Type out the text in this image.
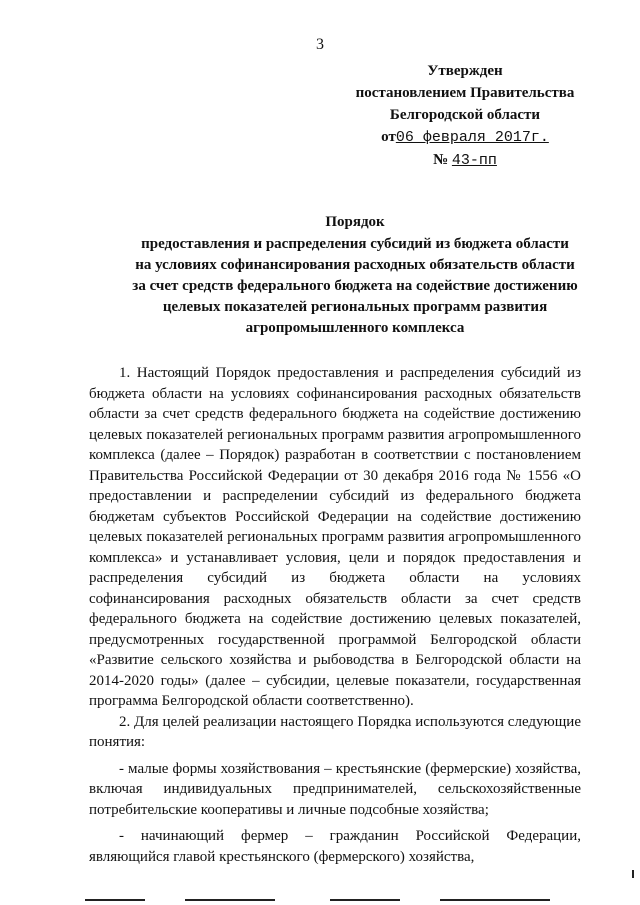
3
Утвержден
постановлением Правительства
Белгородской области
от06 февраля 2017г.
№ 43-пп
Порядок
предоставления и распределения субсидий из бюджета области
на условиях софинансирования расходных обязательств области
за счет средств федерального бюджета на содействие достижению
целевых показателей региональных программ развития
агропромышленного комплекса

1. Настоящий Порядок предоставления и распределения субсидий из бюджета области на условиях софинансирования расходных обязательств области за счет средств федерального бюджета на содействие достижению целевых показателей региональных программ развития агропромышленного комплекса (далее – Порядок) разработан в соответствии с постановлением Правительства Российской Федерации от 30 декабря 2016 года № 1556 «О предоставлении и распределении субсидий из федерального бюджета бюджетам субъектов Российской Федерации на содействие достижению целевых показателей региональных программ развития агропромышленного комплекса» и устанавливает условия, цели и порядок предоставления и распределения субсидий из бюджета области на условиях софинансирования расходных обязательств области за счет средств федерального бюджета на содействие достижению целевых показателей, предусмотренных государственной программой Белгородской области «Развитие сельского хозяйства и рыбоводства в Белгородской области на 2014-2020 годы» (далее – субсидии, целевые показатели, государственная программа Белгородской области соответственно).

2. Для целей реализации настоящего Порядка используются следующие понятия:

- малые формы хозяйствования – крестьянские (фермерские) хозяйства, включая индивидуальных предпринимателей, сельскохозяйственные потребительские кооперативы и личные подсобные хозяйства;

- начинающий фермер – гражданин Российской Федерации, являющийся главой крестьянского (фермерского) хозяйства,
